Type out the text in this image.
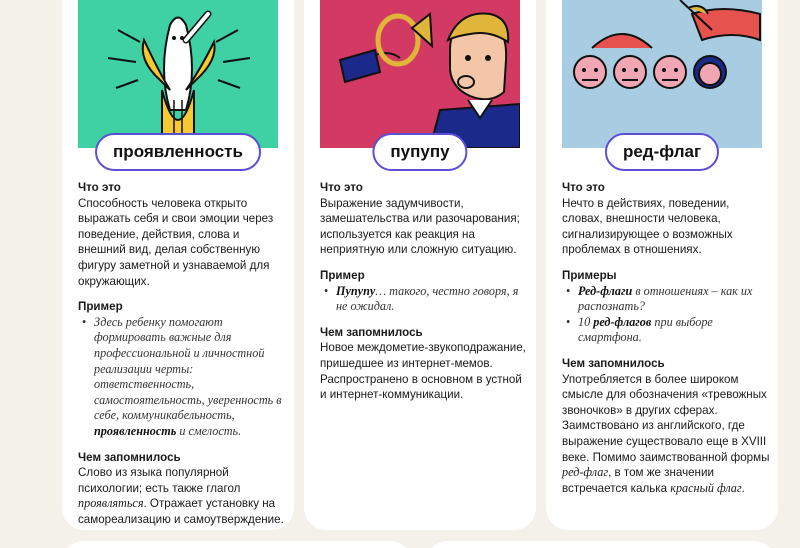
проявленность
Что это
Способность человека открыто выражать себя и свои эмоции через поведение, действия, слова и внешний вид, делая собственную фигуру заметной и узнаваемой для окружающих.
Пример
• Здесь ребенку помогают формировать важные для профессиональной и личностной реализации черты: ответственность, самостоятельность, уверенность в себе, коммуникабельность, проявленность и смелость.
Чем запомнилось
Слово из языка популярной психологии; есть также глагол проявляться. Отражает установку на самореализацию и самоутверждение.
пупупу
Что это
Выражение задумчивости, замешательства или разочарования; используется как реакция на неприятную или сложную ситуацию.
Пример
• Пупупу… такого, честно говоря, я не ожидал.
Чем запомнилось
Новое междометие-звукоподражание, пришедшее из интернет-мемов. Распространено в основном в устной и интернет-коммуникации.
ред-флаг
Что это
Нечто в действиях, поведении, словах, внешности человека, сигнализирующее о возможных проблемах в отношениях.
Примеры
• Ред-флаги в отношениях – как их распознать?
• 10 ред-флагов при выборе смартфона.
Чем запомнилось
Употребляется в более широком смысле для обозначения «тревожных звоночков» в других сферах. Заимствовано из английского, где выражение существовало еще в XVIII веке. Помимо заимствованной формы ред-флаг, в том же значении встречается калька красный флаг.
